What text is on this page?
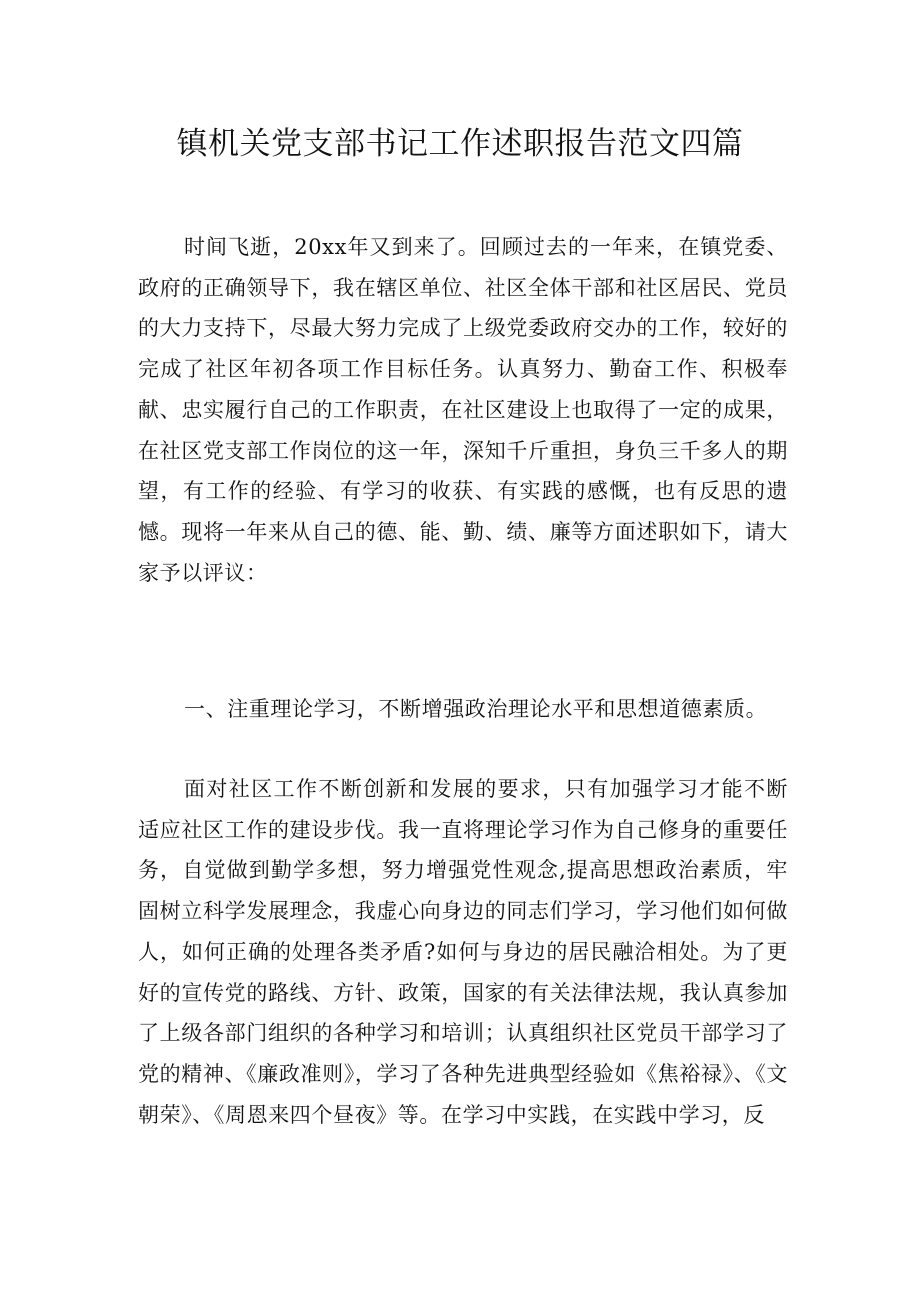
镇机关党支部书记工作述职报告范文四篇

时间飞逝，20xx年又到来了。回顾过去的一年来，在镇党委、政府的正确领导下，我在辖区单位、社区全体干部和社区居民、党员的大力支持下，尽最大努力完成了上级党委政府交办的工作，较好的完成了社区年初各项工作目标任务。认真努力、勤奋工作、积极奉献、忠实履行自己的工作职责，在社区建设上也取得了一定的成果，在社区党支部工作岗位的这一年，深知千斤重担，身负三千多人的期望，有工作的经验、有学习的收获、有实践的感慨，也有反思的遗憾。现将一年来从自己的德、能、勤、绩、廉等方面述职如下，请大家予以评议：

一、注重理论学习，不断增强政治理论水平和思想道德素质。

面对社区工作不断创新和发展的要求，只有加强学习才能不断适应社区工作的建设步伐。我一直将理论学习作为自己修身的重要任务，自觉做到勤学多想，努力增强党性观念,提高思想政治素质，牢固树立科学发展理念，我虚心向身边的同志们学习，学习他们如何做人，如何正确的处理各类矛盾?如何与身边的居民融洽相处。为了更好的宣传党的路线、方针、政策，国家的有关法律法规，我认真参加了上级各部门组织的各种学习和培训；认真组织社区党员干部学习了党的精神、《廉政准则》，学习了各种先进典型经验如《焦裕禄》、《文朝荣》、《周恩来四个昼夜》等。在学习中实践，在实践中学习，反
